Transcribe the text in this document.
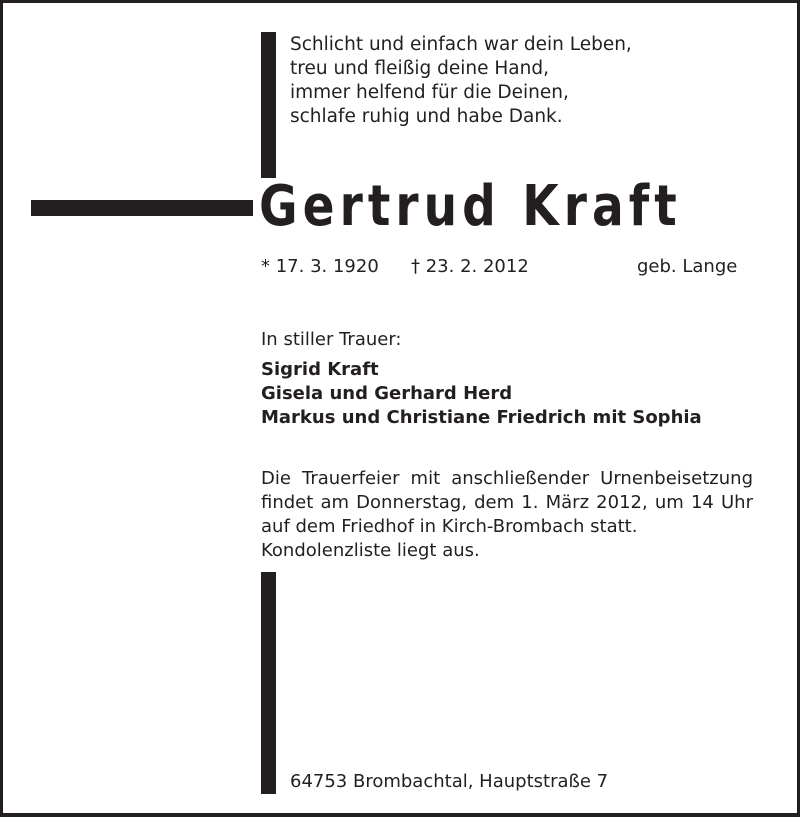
Schlicht und einfach war dein Leben,
treu und fleißig deine Hand,
immer helfend für die Deinen,
schlafe ruhig und habe Dank.
Gertrud Kraft
* 17. 3. 1920 † 23. 2. 2012	geb. Lange
In stiller Trauer:
Sigrid Kraft
Gisela und Gerhard Herd
Markus und Christiane Friedrich mit Sophia
Die Trauerfeier mit anschließender Urnenbeisetzung
findet am Donnerstag, dem 1. März 2012, um 14 Uhr
auf dem Friedhof in Kirch-Brombach statt.
Kondolenzliste liegt aus.
64753 Brombachtal, Hauptstraße 7
